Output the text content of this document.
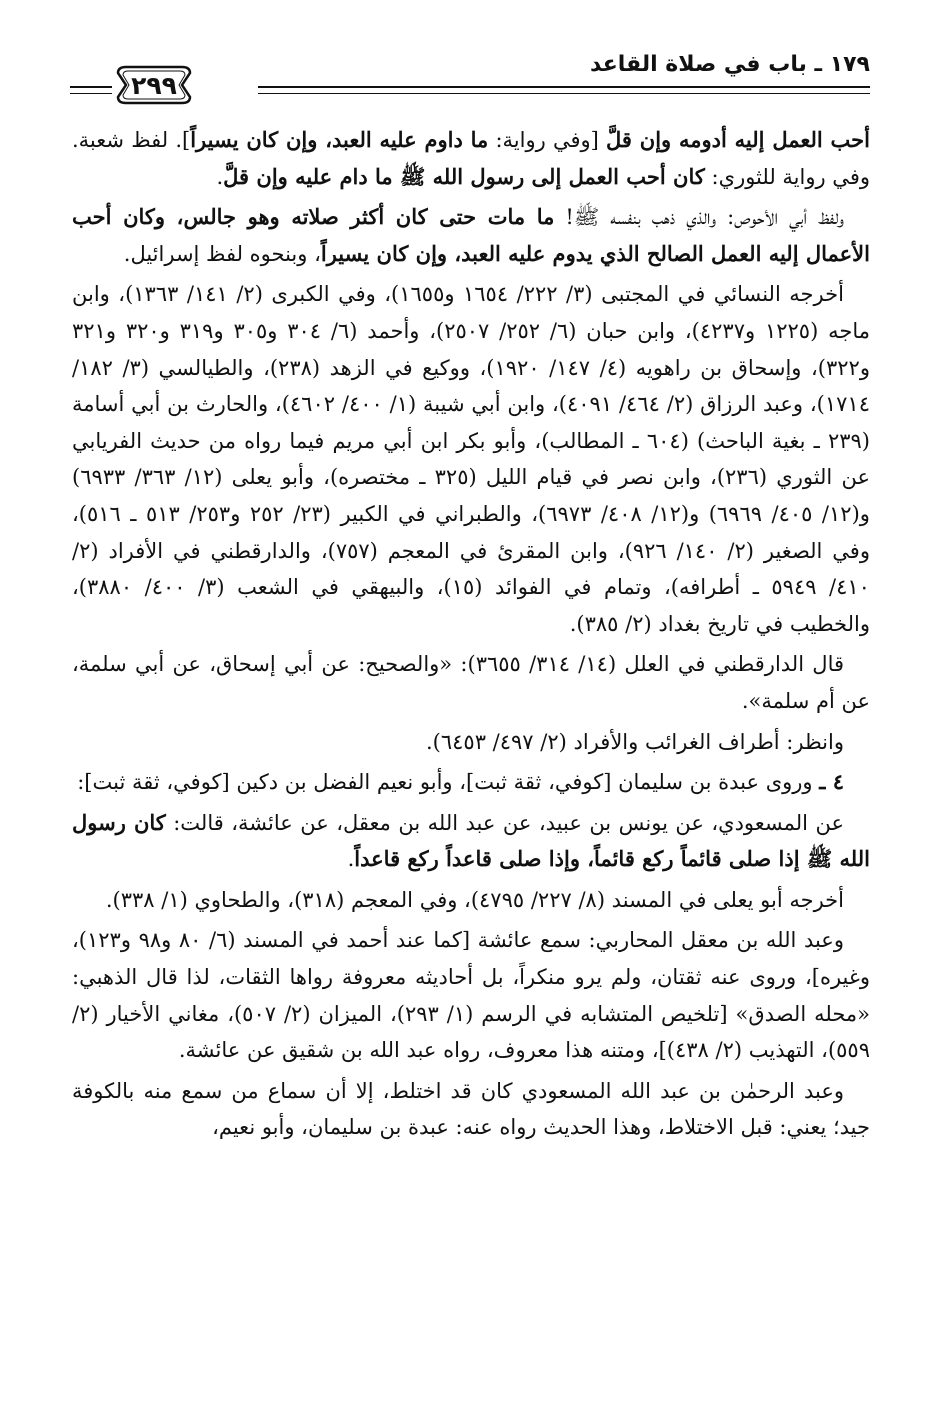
١٧٩ ـ باب في صلاة القاعد
٢٩٩

أحب العمل إليه أدومه وإن قلَّ [وفي رواية: ما داوم عليه العبد، وإن كان يسيراً]. لفظ شعبة. وفي رواية للثوري: كان أحب العمل إلى رسول الله ﷺ ما دام عليه وإن قلَّ.

ولفظ أبي الأحوص: والذي ذهب بنفسه ﷺ! ما مات حتى كان أكثر صلاته وهو جالس، وكان أحب الأعمال إليه العمل الصالح الذي يدوم عليه العبد، وإن كان يسيراً، وبنحوه لفظ إسرائيل.

أخرجه النسائي في المجتبى (٣/ ٢٢٢/ ١٦٥٤ و١٦٥٥)، وفي الكبرى (٢/ ١٤١/ ١٣٦٣)، وابن ماجه (١٢٢٥ و٤٢٣٧)، وابن حبان (٦/ ٢٥٢/ ٢٥٠٧)، وأحمد (٦/ ٣٠٤ و٣٠٥ و٣١٩ و٣٢٠ و٣٢١ و٣٢٢)، وإسحاق بن راهويه (٤/ ١٤٧/ ١٩٢٠)، ووكيع في الزهد (٢٣٨)، والطيالسي (٣/ ١٨٢/ ١٧١٤)، وعبد الرزاق (٢/ ٤٦٤/ ٤٠٩١)، وابن أبي شيبة (١/ ٤٠٠/ ٤٦٠٢)، والحارث بن أبي أسامة (٢٣٩ ـ بغية الباحث) (٦٠٤ ـ المطالب)، وأبو بكر ابن أبي مريم فيما رواه من حديث الفريابي عن الثوري (٢٣٦)، وابن نصر في قيام الليل (٣٢٥ ـ مختصره)، وأبو يعلى (١٢/ ٣٦٣/ ٦٩٣٣) و(١٢/ ٤٠٥/ ٦٩٦٩) و(١٢/ ٤٠٨/ ٦٩٧٣)، والطبراني في الكبير (٢٣/ ٢٥٢ و٢٥٣/ ٥١٣ ـ ٥١٦)، وفي الصغير (٢/ ١٤٠/ ٩٢٦)، وابن المقرئ في المعجم (٧٥٧)، والدارقطني في الأفراد (٢/ ٤١٠/ ٥٩٤٩ ـ أطرافه)، وتمام في الفوائد (١٥)، والبيهقي في الشعب (٣/ ٤٠٠/ ٣٨٨٠)، والخطيب في تاريخ بغداد (٢/ ٣٨٥).

قال الدارقطني في العلل (١٤/ ٣١٤/ ٣٦٥٥): «والصحيح: عن أبي إسحاق، عن أبي سلمة، عن أم سلمة».

وانظر: أطراف الغرائب والأفراد (٢/ ٤٩٧/ ٦٤٥٣).

٤ ـ وروى عبدة بن سليمان [كوفي، ثقة ثبت]، وأبو نعيم الفضل بن دكين [كوفي، ثقة ثبت]:

عن المسعودي، عن يونس بن عبيد، عن عبد الله بن معقل، عن عائشة، قالت: كان رسول الله ﷺ إذا صلى قائماً ركع قائماً، وإذا صلى قاعداً ركع قاعداً.

أخرجه أبو يعلى في المسند (٨/ ٢٢٧/ ٤٧٩٥)، وفي المعجم (٣١٨)، والطحاوي (١/ ٣٣٨).

وعبد الله بن معقل المحاربي: سمع عائشة [كما عند أحمد في المسند (٦/ ٨٠ و٩٨ و١٢٣)، وغيره]، وروى عنه ثقتان، ولم يرو منكراً، بل أحاديثه معروفة رواها الثقات، لذا قال الذهبي: «محله الصدق» [تلخيص المتشابه في الرسم (١/ ٢٩٣)، الميزان (٢/ ٥٠٧)، مغاني الأخيار (٢/ ٥٥٩)، التهذيب (٢/ ٤٣٨)]، ومتنه هذا معروف، رواه عبد الله بن شقيق عن عائشة.

وعبد الرحمٰن بن عبد الله المسعودي كان قد اختلط، إلا أن سماع من سمع منه بالكوفة جيد؛ يعني: قبل الاختلاط، وهذا الحديث رواه عنه: عبدة بن سليمان، وأبو نعيم،
